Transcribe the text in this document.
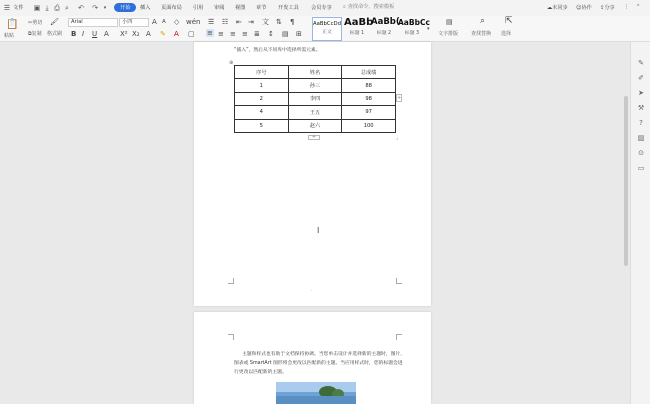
☰ 文件 ▣ ⤓ ⎙ ⌕ ↶ ↷	▾	开始	插入 页面布局 引用 审阅 视图 章节 开发工具 会员专享 ⌕ 查找命令、搜索模板	☁未同步 ☺协作 ⇪分享 ⋮ ⌃
📋
粘贴
✂剪切
⧉复制
🖌
格式刷
Arial	小四	A A ◇ wén
B I U A X² X₂ A ✎ A ▢
☰ ☷ ⇤ ⇥ 文 ⇅ ¶
≡ ≡ ≡ ≡ ≣ ↕ ▤ ⊞
AaBbCcDd
正文
AaBb
标题 1
AaBb(
标题 2
AaBbCc
标题 3
▾
▤
文字排版
⌕
查找替换
⇱
选择
“插入”，然后从不同库中选择所需元素。
⊕
序号	姓名	总成绩
1	孙三	88
2	李四	98
4	王五	97
5	赵六	100
+
+	⌟
I
·
主题和样式也有助于文档保持协调。当您单击设计并选择新的主题时，图片、
图表或 SmartArt 图形将会更改以匹配新的主题。当应用样式时，您的标题会进
行更改以匹配新的主题。
✎
✐
➤
⚒
?
▨
⊙
▭
